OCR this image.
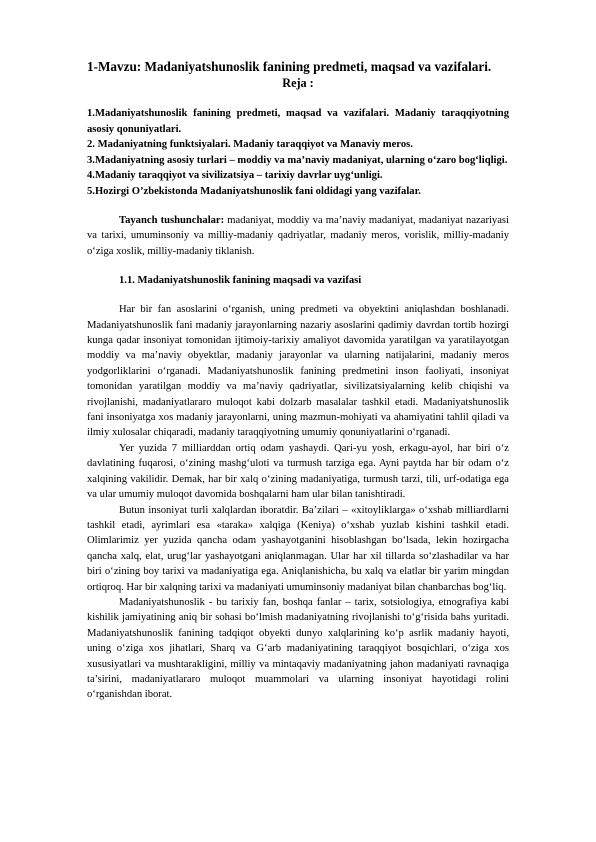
1-Mavzu: Madaniyatshunoslik fanining predmeti, maqsad va vazifalari.

Reja :

1.Madaniyatshunoslik fanining predmeti, maqsad va vazifalari. Madaniy taraqqiyotning asosiy qonuniyatlari.

2. Madaniyatning funktsiyalari. Madaniy taraqqiyot va Manaviy meros.

3.Madaniyatning asosiy turlari – moddiy va ma’naviy madaniyat, ularning o‘zaro bog‘liqligi.

4.Madaniy taraqqiyot va sivilizatsiya – tarixiy davrlar uyg‘unligi.

5.Hozirgi O’zbekistonda Madaniyatshunoslik fani oldidagi yang vazifalar.

Tayanch tushunchalar: madaniyat, moddiy va ma’naviy madaniyat, madaniyat nazariyasi va tarixi, umuminsoniy va milliy-madaniy qadriyatlar, madaniy meros, vorislik, milliy-madaniy o‘ziga xoslik, milliy-madaniy tiklanish.

1.1. Madaniyatshunoslik fanining maqsadi va vazifasi

Har bir fan asoslarini o‘rganish, uning predmeti va obyektini aniqlashdan boshlanadi. Madaniyatshunoslik fani madaniy jarayonlarning nazariy asoslarini qadimiy davrdan tortib hozirgi kunga qadar insoniyat tomonidan ijtimoiy-tarixiy amaliyot davomida yaratilgan va yaratilayotgan moddiy va ma’naviy obyektlar, madaniy jarayonlar va ularning natijalarini, madaniy meros yodgorliklarini o‘rganadi. Madaniyatshunoslik fanining predmetini inson faoliyati, insoniyat tomonidan yaratilgan moddiy va ma’naviy qadriyatlar, sivilizatsiyalarning kelib chiqishi va rivojlanishi, madaniyatlararo muloqot kabi dolzarb masalalar tashkil etadi. Madaniyatshunoslik fani insoniyatga xos madaniy jarayonlarni, uning mazmun-mohiyati va ahamiyatini tahlil qiladi va ilmiy xulosalar chiqaradi, madaniy taraqqiyotning umumiy qonuniyatlarini o‘rganadi.

Yer yuzida 7 milliarddan ortiq odam yashaydi. Qari-yu yosh, erkagu-ayol, har biri o‘z davlatining fuqarosi, o‘zining mashg‘uloti va turmush tarziga ega. Ayni paytda har bir odam o‘z xalqining vakilidir. Demak, har bir xalq o‘zining madaniyatiga, turmush tarzi, tili, urf-odatiga ega va ular umumiy muloqot davomida boshqalarni ham ular bilan tanishtiradi.

Butun insoniyat turli xalqlardan iboratdir. Ba’zilari – «xitoyliklarga» o‘xshab milliardlarni tashkil etadi, ayrimlari esa «taraka» xalqiga (Keniya) o‘xshab yuzlab kishini tashkil etadi. Olimlarimiz yer yuzida qancha odam yashayotganini hisoblashgan bo‘lsada, lekin hozirgacha qancha xalq, elat, urug‘lar yashayotgani aniqlanmagan. Ular har xil tillarda so‘zlashadilar va har biri o‘zining boy tarixi va madaniyatiga ega. Aniqlanishicha, bu xalq va elatlar bir yarim mingdan ortiqroq. Har bir xalqning tarixi va madaniyati umuminsoniy madaniyat bilan chanbarchas bog‘liq.

Madaniyatshunoslik - bu tarixiy fan, boshqa fanlar – tarix, sotsiologiya, etnografiya kabi kishilik jamiyatining aniq bir sohasi bo‘lmish madaniyatning rivojlanishi to‘g‘risida bahs yuritadi. Madaniyatshunoslik fanining tadqiqot obyekti dunyo xalqlarining ko‘p asrlik madaniy hayoti, uning o‘ziga xos jihatlari, Sharq va G‘arb madaniyatining taraqqiyot bosqichlari, o‘ziga xos xususiyatlari va mushtarakligini, milliy va mintaqaviy madaniyatning jahon madaniyati ravnaqiga ta’sirini, madaniyatlararo muloqot muammolari va ularning insoniyat hayotidagi rolini o‘rganishdan iborat.
